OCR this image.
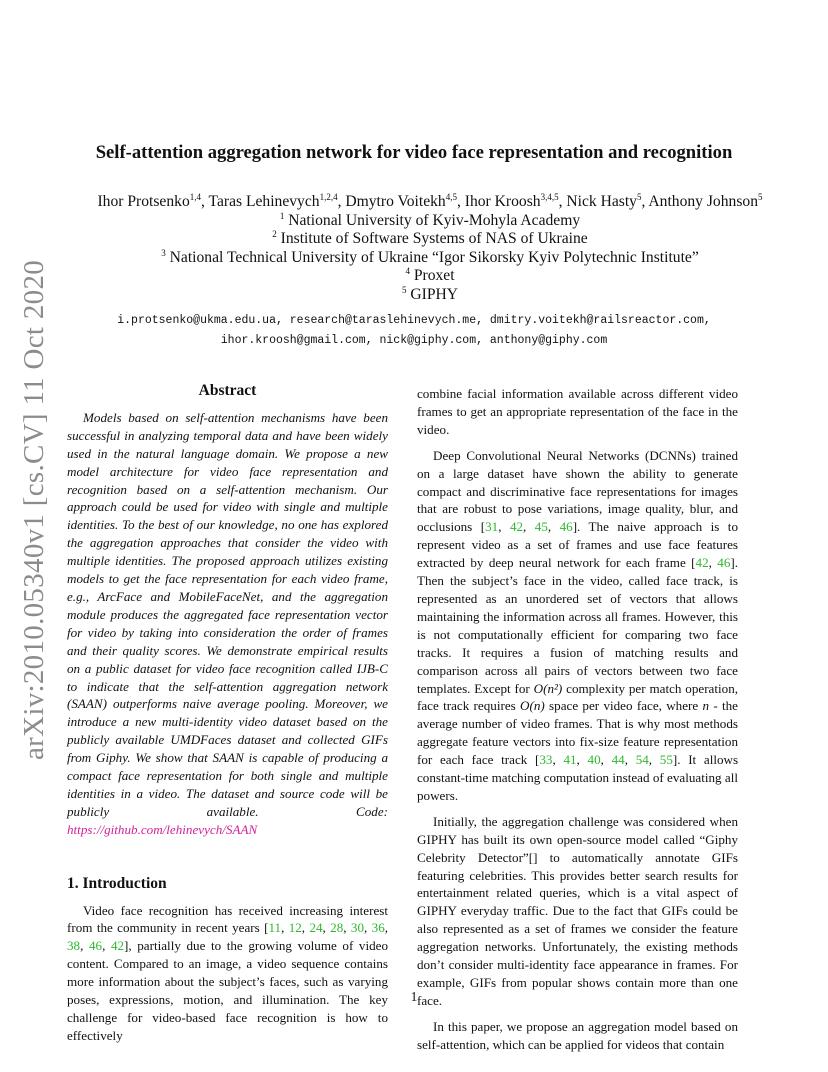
arXiv:2010.05340v1 [cs.CV] 11 Oct 2020
Self-attention aggregation network for video face representation and recognition
Ihor Protsenko$^{1,4}$, Taras Lehinevych$^{1,2,4}$, Dmytro Voitekh$^{4,5}$, Ihor Kroosh$^{3,4,5}$, Nick Hasty$^5$, Anthony Johnson$^5$
$^1$ National University of Kyiv-Mohyla Academy
$^2$ Institute of Software Systems of NAS of Ukraine
$^3$ National Technical University of Ukraine “Igor Sikorsky Kyiv Polytechnic Institute”
$^4$ Proxet
$^5$ GIPHY
i.protsenko@ukma.edu.ua, research@taraslehinevych.me, dmitry.voitekh@railsreactor.com,
ihor.kroosh@gmail.com, nick@giphy.com, anthony@giphy.com
Abstract

Models based on self-attention mechanisms have been successful in analyzing temporal data and have been widely used in the natural language domain. We propose a new model architecture for video face representation and recognition based on a self-attention mechanism. Our approach could be used for video with single and multiple identities. To the best of our knowledge, no one has explored the aggregation approaches that consider the video with multiple identities. The proposed approach utilizes existing models to get the face representation for each video frame, e.g., ArcFace and MobileFaceNet, and the aggregation module produces the aggregated face representation vector for video by taking into consideration the order of frames and their quality scores. We demonstrate empirical results on a public dataset for video face recognition called IJB-C to indicate that the self-attention aggregation network (SAAN) outperforms naive average pooling. Moreover, we introduce a new multi-identity video dataset based on the publicly available UMDFaces dataset and collected GIFs from Giphy. We show that SAAN is capable of producing a compact face representation for both single and multiple identities in a video. The dataset and source code will be publicly available. Code: https://github.com/lehinevych/SAAN

1. Introduction

Video face recognition has received increasing interest from the community in recent years [11, 12, 24, 28, 30, 36, 38, 46, 42], partially due to the growing volume of video content. Compared to an image, a video sequence contains more information about the subject’s faces, such as varying poses, expressions, motion, and illumination. The key challenge for video-based face recognition is how to effectively

combine facial information available across different video frames to get an appropriate representation of the face in the video.

Deep Convolutional Neural Networks (DCNNs) trained on a large dataset have shown the ability to generate compact and discriminative face representations for images that are robust to pose variations, image quality, blur, and occlusions [31, 42, 45, 46]. The naive approach is to represent video as a set of frames and use face features extracted by deep neural network for each frame [42, 46]. Then the subject’s face in the video, called face track, is represented as an unordered set of vectors that allows maintaining the information across all frames. However, this is not computationally efficient for comparing two face tracks. It requires a fusion of matching results and comparison across all pairs of vectors between two face templates. Except for O(n²) complexity per match operation, face track requires O(n) space per video face, where n - the average number of video frames. That is why most methods aggregate feature vectors into fix-size feature representation for each face track [33, 41, 40, 44, 54, 55]. It allows constant-time matching computation instead of evaluating all powers.

Initially, the aggregation challenge was considered when GIPHY has built its own open-source model called “Giphy Celebrity Detector”[] to automatically annotate GIFs featuring celebrities. This provides better search results for entertainment related queries, which is a vital aspect of GIPHY everyday traffic. Due to the fact that GIFs could be also represented as a set of frames we consider the feature aggregation networks. Unfortunately, the existing methods don’t consider multi-identity face appearance in frames. For example, GIFs from popular shows contain more than one face.

In this paper, we propose an aggregation model based on self-attention, which can be applied for videos that contain

1
